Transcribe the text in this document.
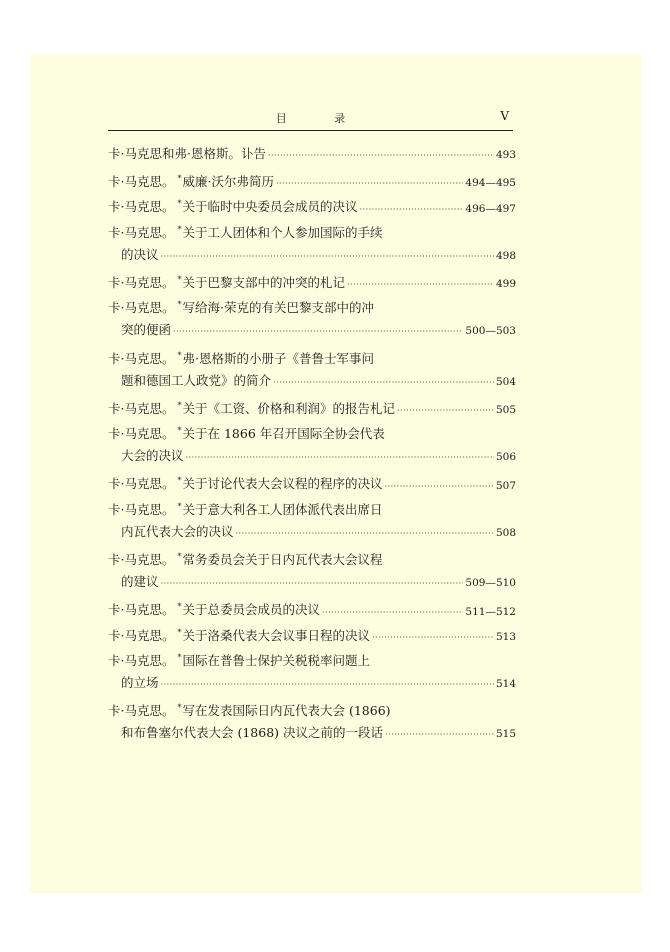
目 录	V
卡·马克思和弗·恩格斯。讣告 ·····	493
卡·马克思。 *威廉·沃尔弗简历 ·····	494—495
卡·马克思。 *关于临时中央委员会成员的决议 ·····	496—497
卡·马克思。 *关于工人团体和个人参加国际的手续
的决议 ·····	498
卡·马克思。 *关于巴黎支部中的冲突的札记 ·····	499
卡·马克思。 *写给海·荣克的有关巴黎支部中的冲
突的便函 ·····	500—503
卡·马克思。 *弗·恩格斯的小册子《普鲁士军事问
题和德国工人政党》的简介 ·····	504
卡·马克思。 *关于《工资、价格和利润》的报告札记 ·····	505
卡·马克思。 *关于在 1866 年召开国际全协会代表
大会的决议 ·····	506
卡·马克思。 *关于讨论代表大会议程的程序的决议 ·····	507
卡·马克思。 *关于意大利各工人团体派代表出席日
内瓦代表大会的决议 ·····	508
卡·马克思。 *常务委员会关于日内瓦代表大会议程
的建议 ·····	509—510
卡·马克思。 *关于总委员会成员的决议 ·····	511—512
卡·马克思。 *关于洛桑代表大会议事日程的决议 ·····	513
卡·马克思。 *国际在普鲁士保护关税税率问题上
的立场 ·····	514
卡·马克思。 *写在发表国际日内瓦代表大会 (1866)
和布鲁塞尔代表大会 (1868) 决议之前的一段话 ·····	515
